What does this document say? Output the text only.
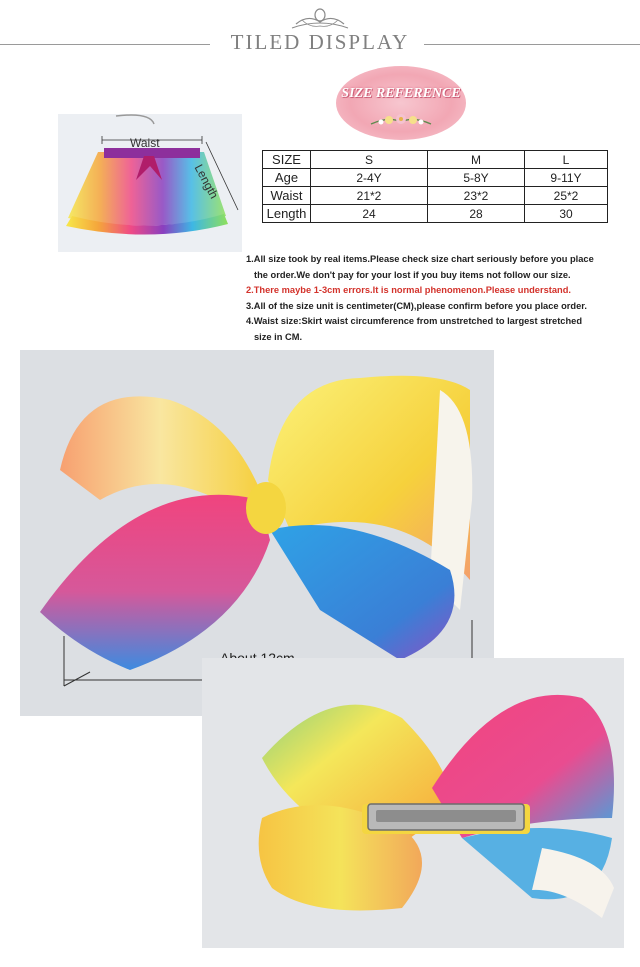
TILED DISPLAY
SIZE REFERENCE
Waist
Length
SIZE	S	M	L
Age	2-4Y	5-8Y	9-11Y
Waist	21*2	23*2	25*2
Length	24	28	30

1.All size took by real items.Please check size chart seriously before you place

the order.We don't pay for your lost if you buy items not follow our size.

2.There maybe 1-3cm errors.It is normal phenomenon.Please understand.

3.All of the size unit is centimeter(CM),please confirm before you place order.

4.Waist size:Skirt waist circumference from unstretched to largest stretched

size in CM.
